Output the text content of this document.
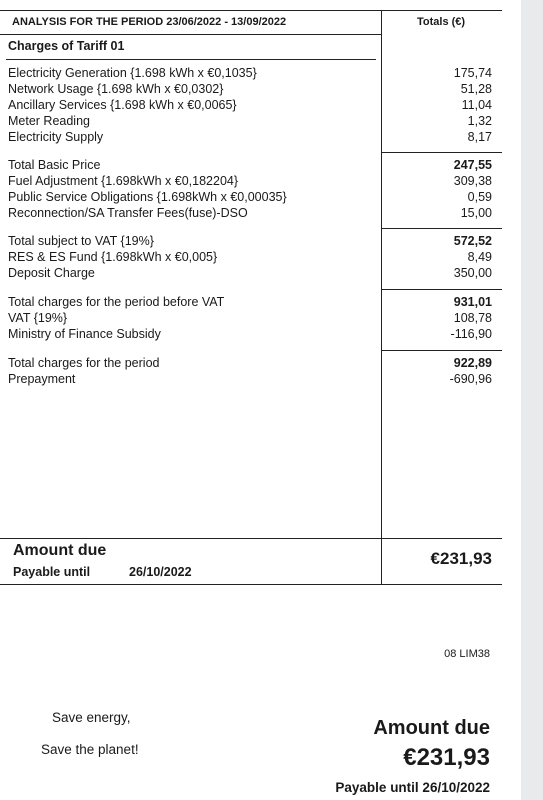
ANALYSIS FOR THE PERIOD 23/06/2022 - 13/09/2022	Totals (€)
Charges of Tariff 01
Electricity Generation {1.698 kWh x €0,1035}	175,74
Network Usage {1.698 kWh x €0,0302}	51,28
Ancillary Services {1.698 kWh x €0,0065}	11,04
Meter Reading	1,32
Electricity Supply	8,17
Total Basic Price	247,55
Fuel Adjustment {1.698kWh x €0,182204}	309,38
Public Service Obligations {1.698kWh x €0,00035}	0,59
Reconnection/SA Transfer Fees(fuse)-DSO	15,00
Total subject to VAT {19%}	572,52
RES & ES Fund {1.698kWh x €0,005}	8,49
Deposit Charge	350,00
Total charges for the period before VAT	931,01
VAT {19%}	108,78
Ministry of Finance Subsidy	-116,90
Total charges for the period	922,89
Prepayment	-690,96
Amount due
Payable until	26/10/2022
€231,93
08 LIM38
Save energy,
Save the planet!
Amount due
€231,93
Payable until 26/10/2022
